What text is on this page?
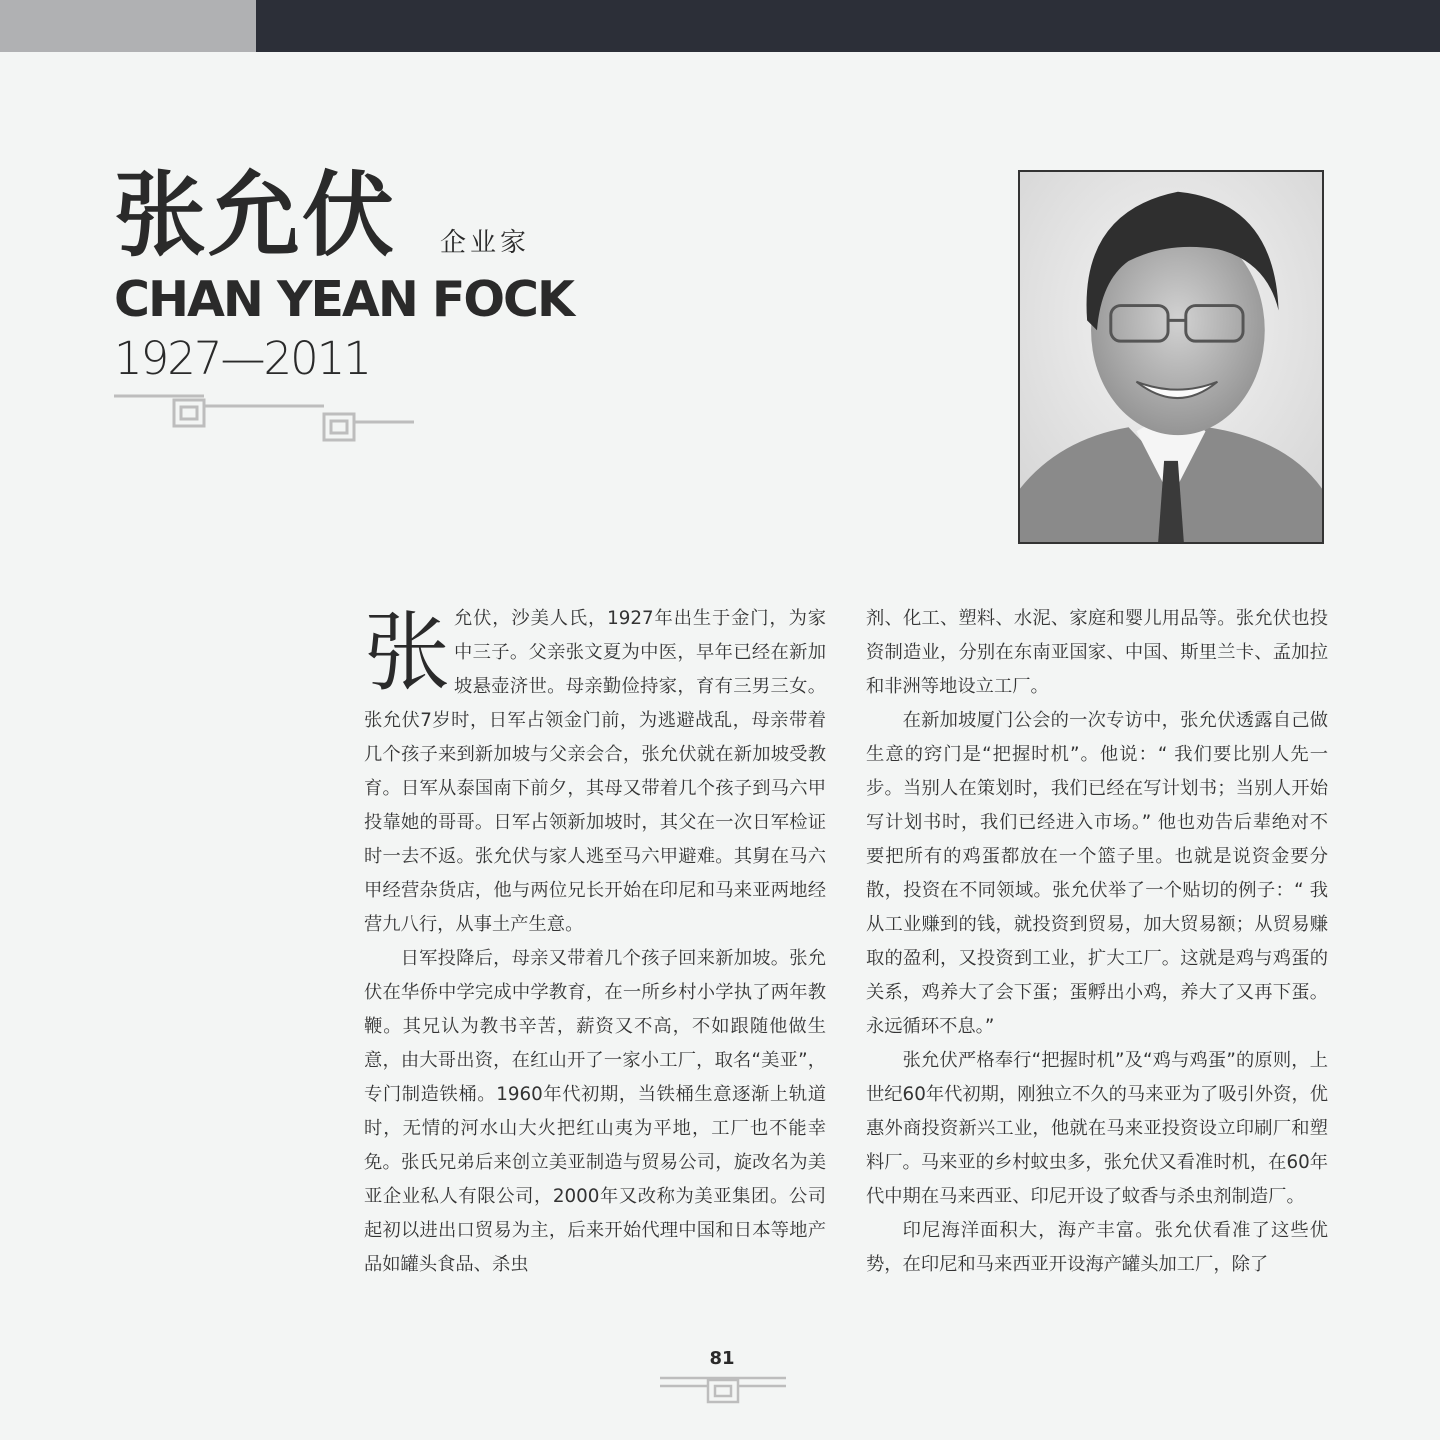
张允伏 企业家
CHAN YEAN FOCK
1927—2011

张允伏，沙美人氏，1927年出生于金门，为家中三子。父亲张文夏为中医，早年已经在新加坡悬壶济世。母亲勤俭持家，育有三男三女。张允伏7岁时，日军占领金门前，为逃避战乱，母亲带着几个孩子来到新加坡与父亲会合，张允伏就在新加坡受教育。日军从泰国南下前夕，其母又带着几个孩子到马六甲投靠她的哥哥。日军占领新加坡时，其父在一次日军检证时一去不返。张允伏与家人逃至马六甲避难。其舅在马六甲经营杂货店，他与两位兄长开始在印尼和马来亚两地经营九八行，从事土产生意。

日军投降后，母亲又带着几个孩子回来新加坡。张允伏在华侨中学完成中学教育，在一所乡村小学执了两年教鞭。其兄认为教书辛苦，薪资又不高，不如跟随他做生意，由大哥出资，在红山开了一家小工厂，取名“美亚”，专门制造铁桶。1960年代初期，当铁桶生意逐渐上轨道时，无情的河水山大火把红山夷为平地，工厂也不能幸免。张氏兄弟后来创立美亚制造与贸易公司，旋改名为美亚企业私人有限公司，2000年又改称为美亚集团。公司起初以进出口贸易为主，后来开始代理中国和日本等地产品如罐头食品、杀虫

剂、化工、塑料、水泥、家庭和婴儿用品等。张允伏也投资制造业，分别在东南亚国家、中国、斯里兰卡、孟加拉和非洲等地设立工厂。

在新加坡厦门公会的一次专访中，张允伏透露自己做生意的窍门是“把握时机”。他说：“ 我们要比别人先一步。当别人在策划时，我们已经在写计划书；当别人开始写计划书时，我们已经进入市场。” 他也劝告后辈绝对不要把所有的鸡蛋都放在一个篮子里。也就是说资金要分散，投资在不同领域。张允伏举了一个贴切的例子：“ 我从工业赚到的钱，就投资到贸易，加大贸易额；从贸易赚取的盈利，又投资到工业，扩大工厂。这就是鸡与鸡蛋的关系，鸡养大了会下蛋；蛋孵出小鸡，养大了又再下蛋。永远循环不息。”

张允伏严格奉行“把握时机”及“鸡与鸡蛋”的原则，上世纪60年代初期，刚独立不久的马来亚为了吸引外资，优惠外商投资新兴工业，他就在马来亚投资设立印刷厂和塑料厂。马来亚的乡村蚊虫多，张允伏又看准时机，在60年代中期在马来西亚、印尼开设了蚊香与杀虫剂制造厂。

印尼海洋面积大，海产丰富。张允伏看准了这些优势，在印尼和马来西亚开设海产罐头加工厂，除了

81
